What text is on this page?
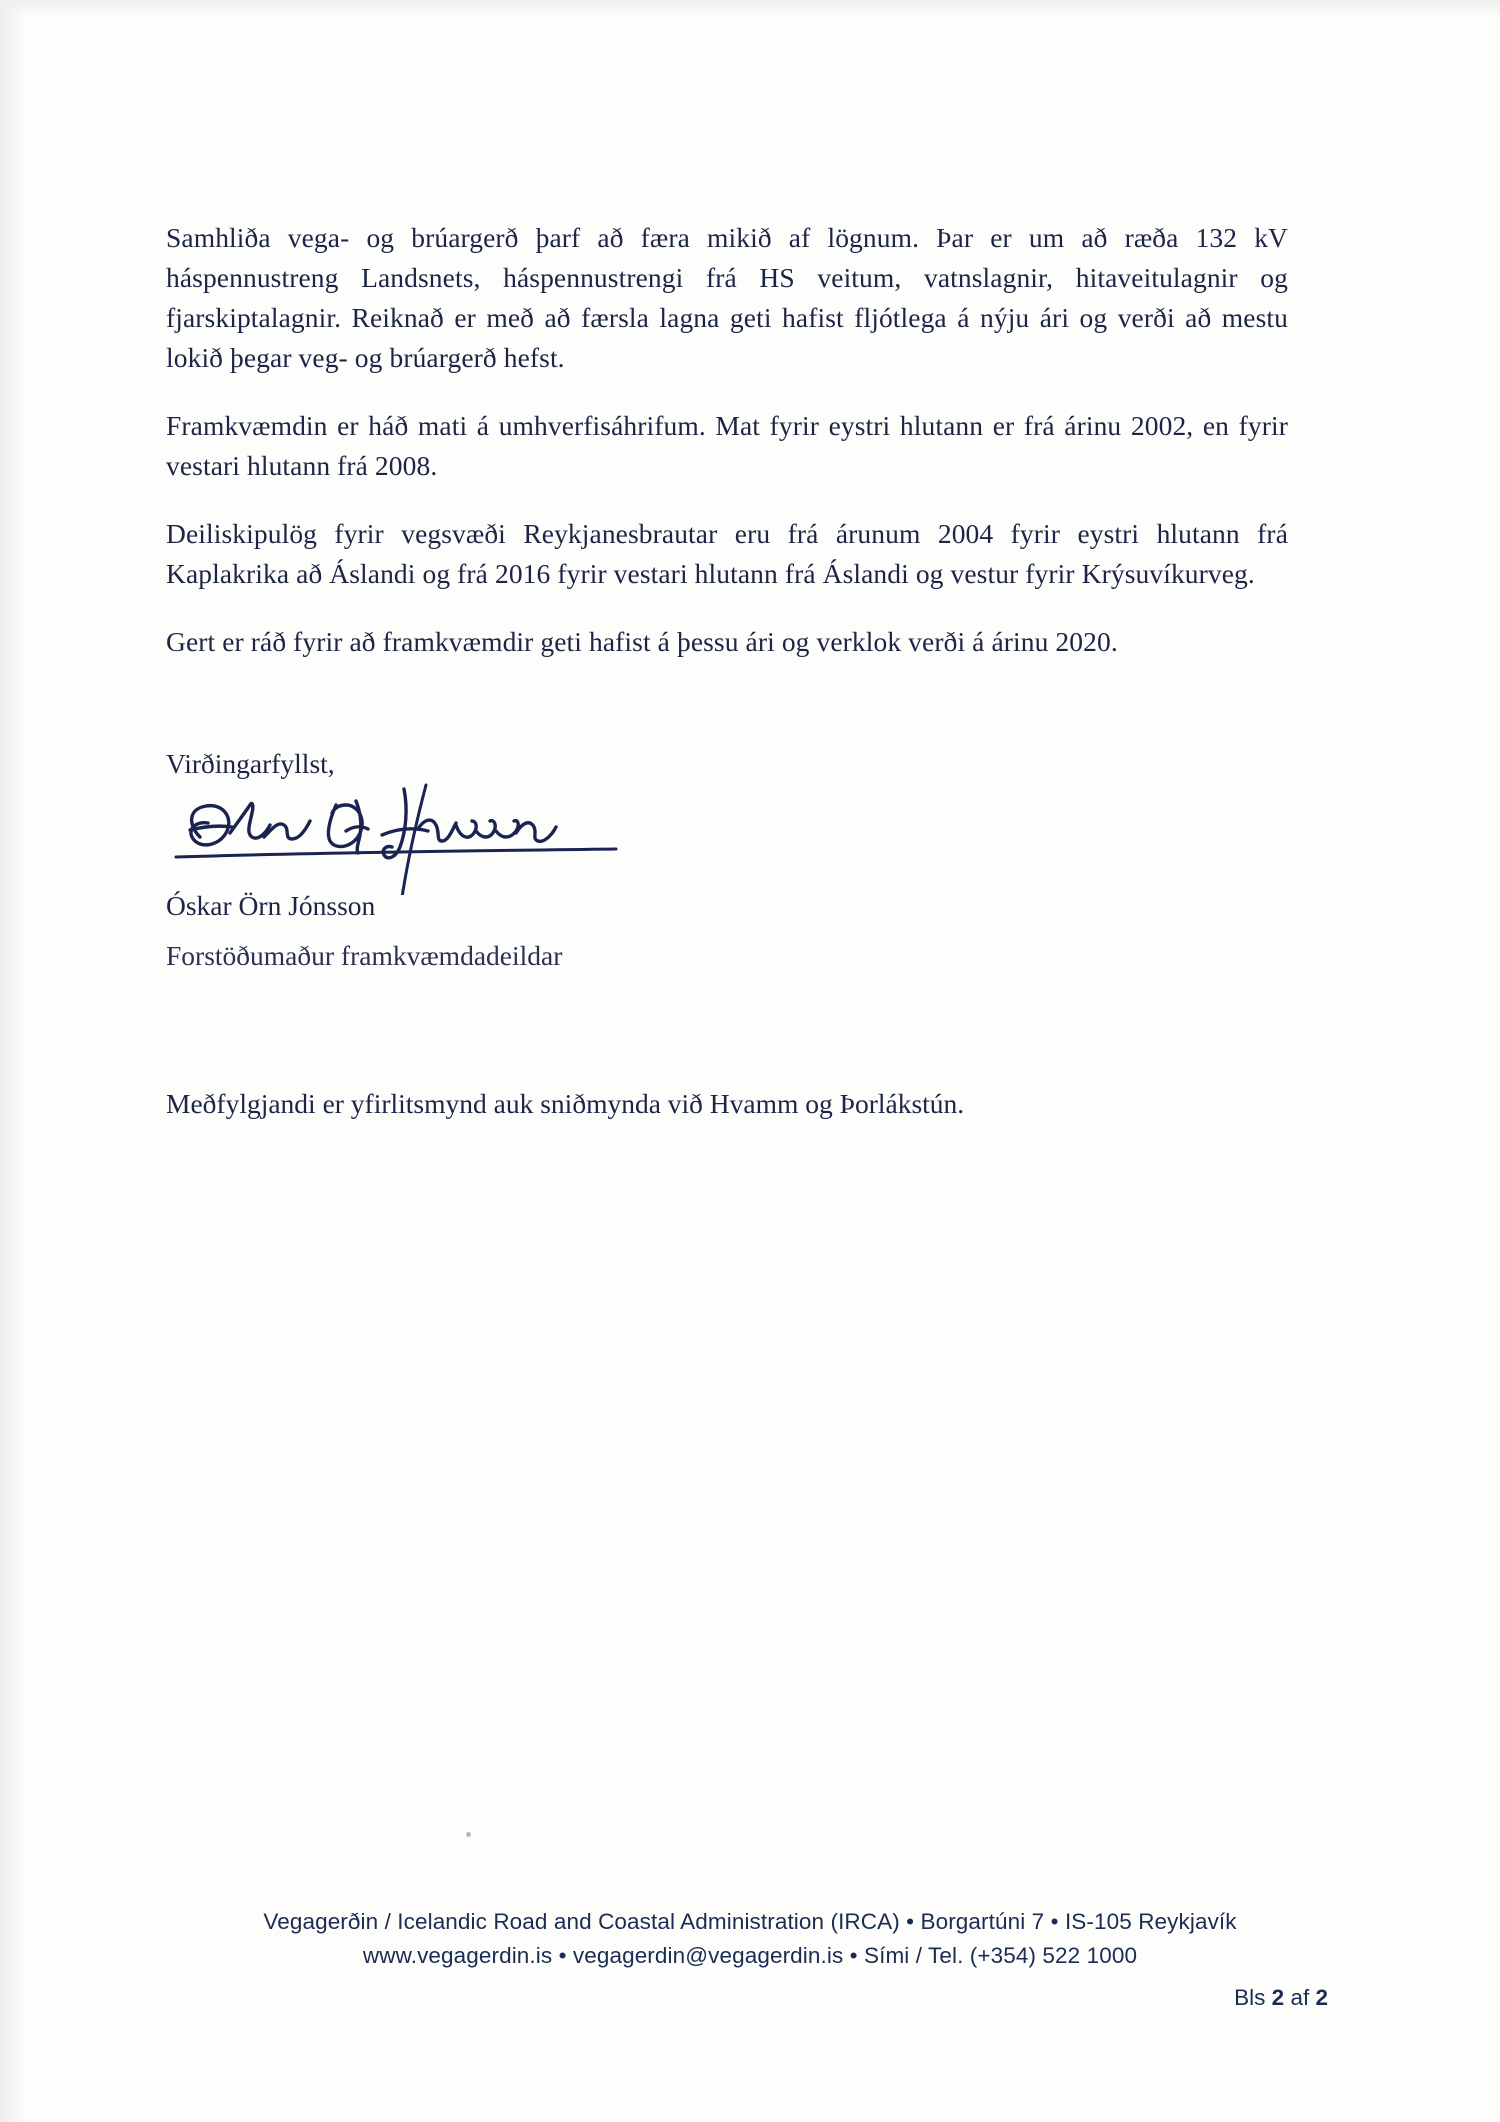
Samhliða vega- og brúargerð þarf að færa mikið af lögnum. Þar er um að ræða 132 kV háspennustreng Landsnets, háspennustrengi frá HS veitum, vatnslagnir, hitaveitulagnir og fjarskiptalagnir. Reiknað er með að færsla lagna geti hafist fljótlega á nýju ári og verði að mestu lokið þegar veg- og brúargerð hefst.

Framkvæmdin er háð mati á umhverfisáhrifum. Mat fyrir eystri hlutann er frá árinu 2002, en fyrir vestari hlutann frá 2008.

Deiliskipulög fyrir vegsvæði Reykjanesbrautar eru frá árunum 2004 fyrir eystri hlutann frá Kaplakrika að Áslandi og frá 2016 fyrir vestari hlutann frá Áslandi og vestur fyrir Krýsuvíkurveg.

Gert er ráð fyrir að framkvæmdir geti hafist á þessu ári og verklok verði á árinu 2020.

Virðingarfyllst,
Óskar Örn Jónsson
Forstöðumaður framkvæmdadeildar
Meðfylgjandi er yfirlitsmynd auk sniðmynda við Hvamm og Þorlákstún.
Vegagerðin / Icelandic Road and Coastal Administration (IRCA) • Borgartúni 7 • IS-105 Reykjavík
www.vegagerdin.is • vegagerdin@vegagerdin.is • Sími / Tel. (+354) 522 1000
Bls 2 af 2
